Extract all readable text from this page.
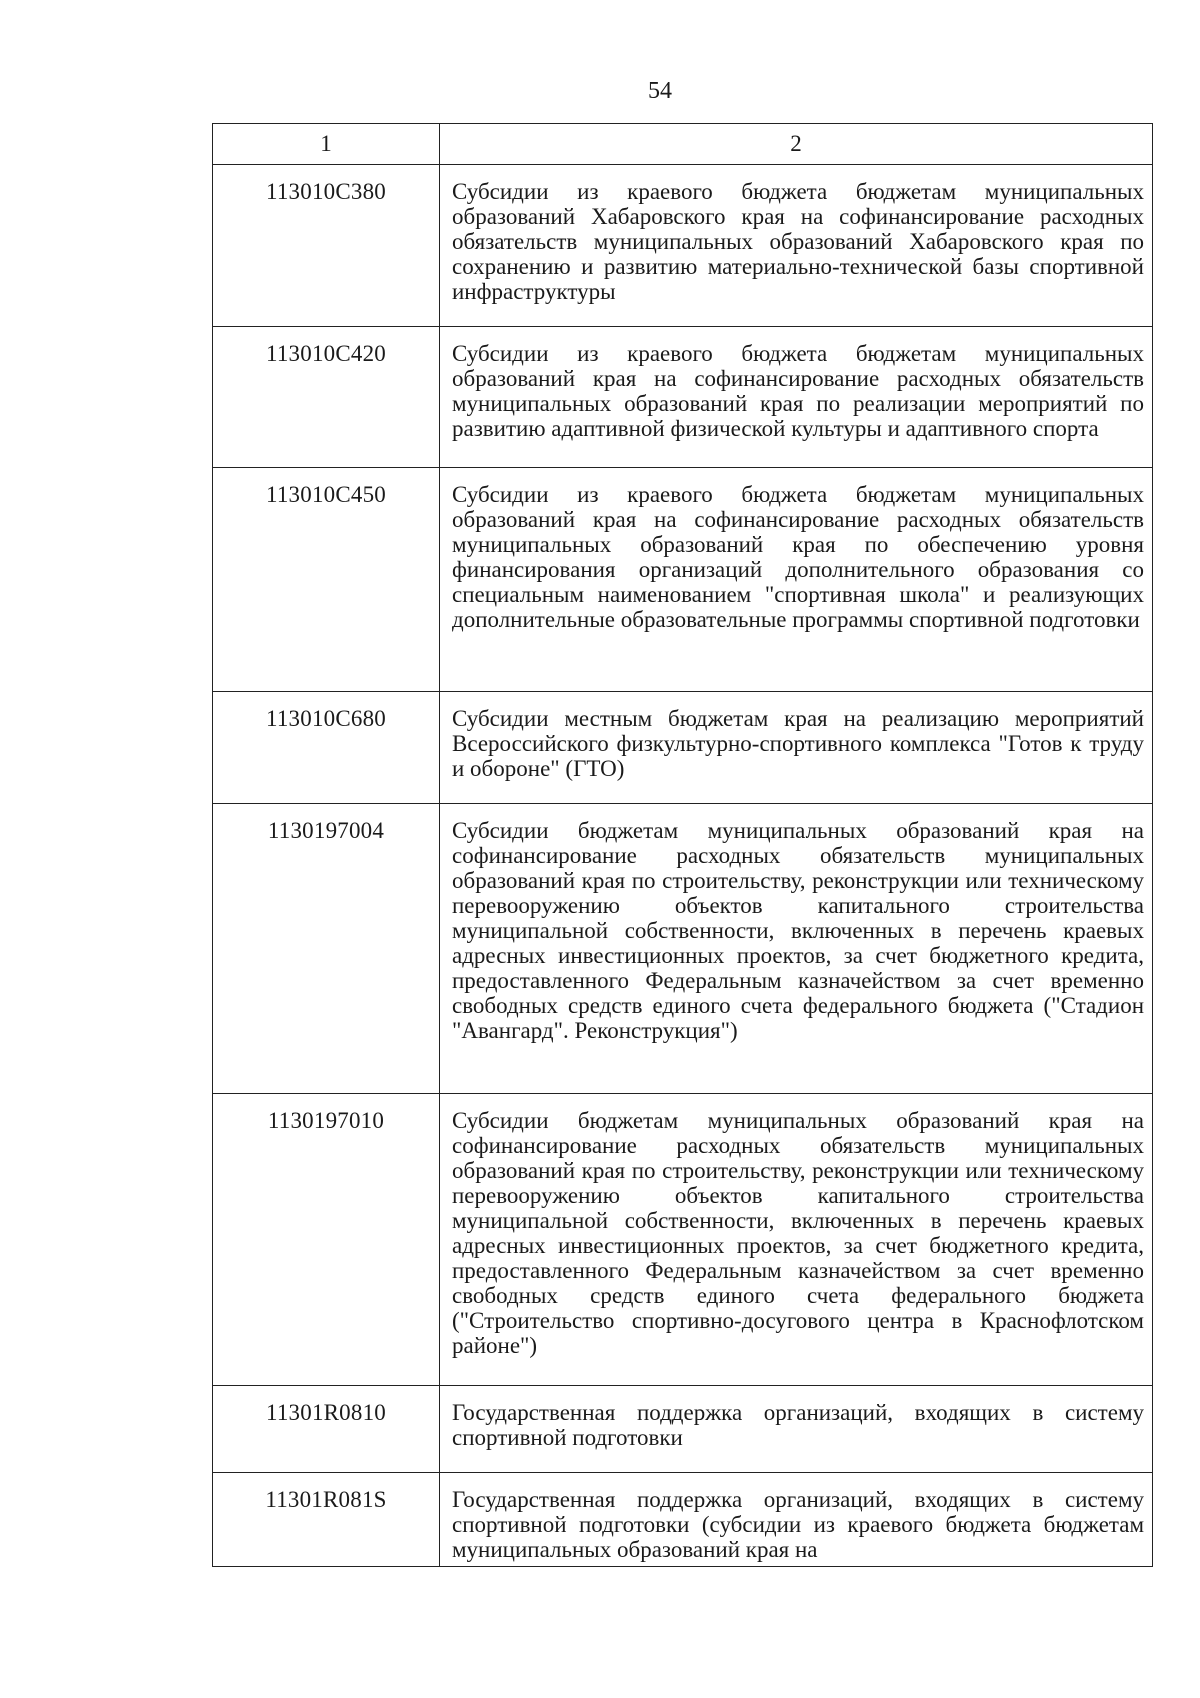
54
1	2
113010С380	Субсидии из краевого бюджета бюджетам муниципальных образований Хабаровского края на софинансирование расходных обязательств муниципальных образований Хабаровского края по сохранению и развитию материально-технической базы спортивной инфраструктуры
113010С420	Субсидии из краевого бюджета бюджетам муниципальных образований края на софинансирование расходных обязательств муниципальных образований края по реализации мероприятий по развитию адаптивной физической культуры и адаптивного спорта
113010С450	Субсидии из краевого бюджета бюджетам муниципальных образований края на софинансирование расходных обязательств муниципальных образований края по обеспечению уровня финансирования организаций дополнительного образования со специальным наименованием "спортивная школа" и реализующих дополнительные образовательные программы спортивной подготовки
113010С680	Субсидии местным бюджетам края на реализацию мероприятий Всероссийского физкультурно-спортивного комплекса "Готов к труду и обороне" (ГТО)
1130197004	Субсидии бюджетам муниципальных образований края на софинансирование расходных обязательств муниципальных образований края по строительству, реконструкции или техническому перевооружению объектов капитального строительства муниципальной собственности, включенных в перечень краевых адресных инвестиционных проектов, за счет бюджетного кредита, предоставленного Федеральным казначейством за счет временно свободных средств единого счета федерального бюджета ("Стадион "Авангард". Реконструкция")
1130197010	Субсидии бюджетам муниципальных образований края на софинансирование расходных обязательств муниципальных образований края по строительству, реконструкции или техническому перевооружению объектов капитального строительства муниципальной собственности, включенных в перечень краевых адресных инвестиционных проектов, за счет бюджетного кредита, предоставленного Федеральным казначейством за счет временно свободных средств единого счета федерального бюджета ("Строительство спортивно-досугового центра в Краснофлотском районе")
11301R0810	Государственная поддержка организаций, входящих в систему спортивной подготовки
11301R081S	Государственная поддержка организаций, входящих в систему спортивной подготовки (субсидии из краевого бюджета бюджетам муниципальных образований края на
